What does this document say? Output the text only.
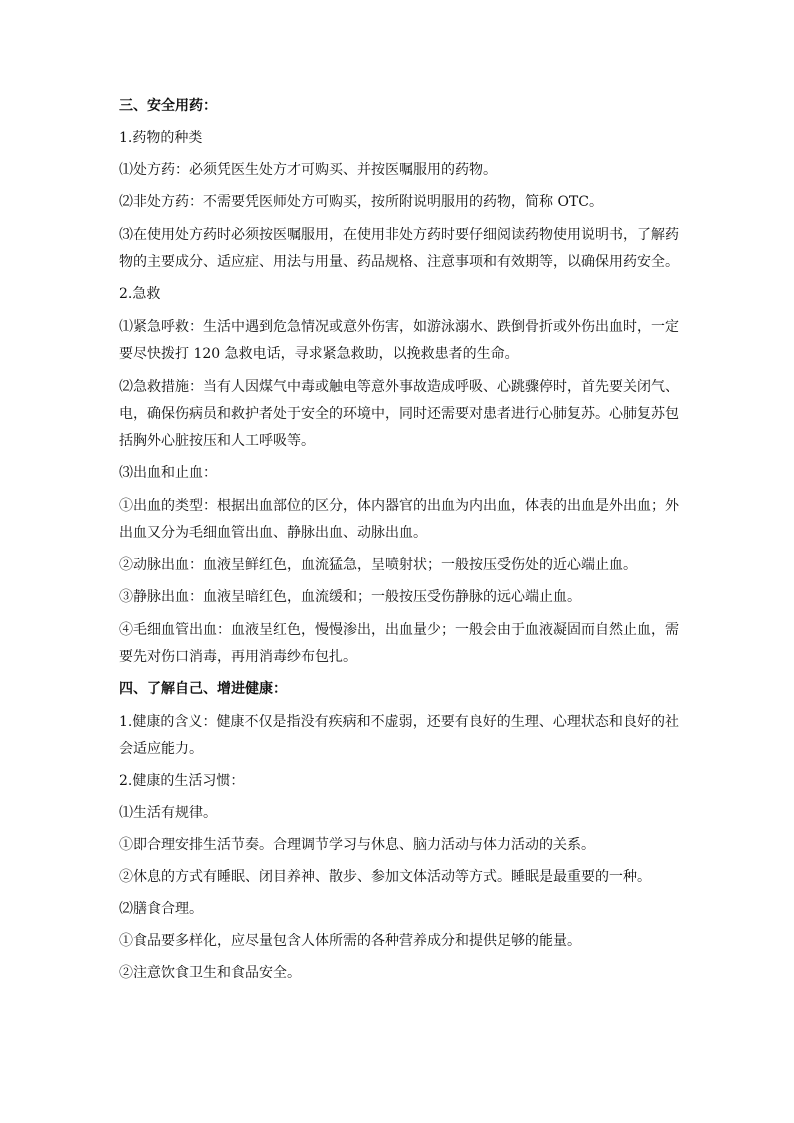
三、安全用药：
1.药物的种类
⑴处方药：必须凭医生处方才可购买、并按医嘱服用的药物。
⑵非处方药：不需要凭医师处方可购买，按所附说明服用的药物，简称 OTC。
⑶在使用处方药时必须按医嘱服用，在使用非处方药时要仔细阅读药物使用说明书，了解药物的主要成分、适应症、用法与用量、药品规格、注意事项和有效期等，以确保用药安全。
2.急救
⑴紧急呼救：生活中遇到危急情况或意外伤害，如游泳溺水、跌倒骨折或外伤出血时，一定要尽快拨打 120 急救电话，寻求紧急救助，以挽救患者的生命。
⑵急救措施：当有人因煤气中毒或触电等意外事故造成呼吸、心跳骤停时，首先要关闭气、电，确保伤病员和救护者处于安全的环境中，同时还需要对患者进行心肺复苏。心肺复苏包括胸外心脏按压和人工呼吸等。
⑶出血和止血：
①出血的类型：根据出血部位的区分，体内器官的出血为内出血，体表的出血是外出血；外出血又分为毛细血管出血、静脉出血、动脉出血。
②动脉出血：血液呈鲜红色，血流猛急，呈喷射状；一般按压受伤处的近心端止血。
③静脉出血：血液呈暗红色，血流缓和；一般按压受伤静脉的远心端止血。
④毛细血管出血：血液呈红色，慢慢渗出，出血量少；一般会由于血液凝固而自然止血，需要先对伤口消毒，再用消毒纱布包扎。
四、了解自己、增进健康：
1.健康的含义：健康不仅是指没有疾病和不虚弱，还要有良好的生理、心理状态和良好的社会适应能力。
2.健康的生活习惯：
⑴生活有规律。
①即合理安排生活节奏。合理调节学习与休息、脑力活动与体力活动的关系。
②休息的方式有睡眠、闭目养神、散步、参加文体活动等方式。睡眠是最重要的一种。
⑵膳食合理。
①食品要多样化，应尽量包含人体所需的各种营养成分和提供足够的能量。
②注意饮食卫生和食品安全。
